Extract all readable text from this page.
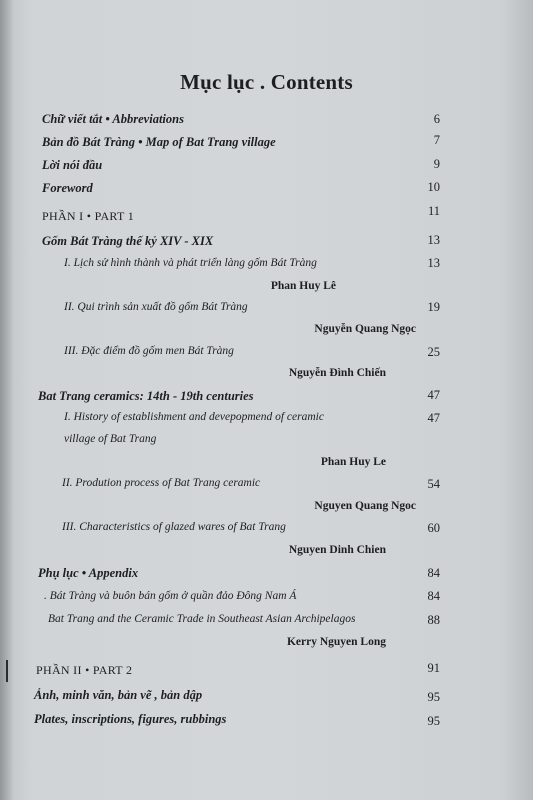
Mục lục . Contents
Chữ viết tắt • Abbreviations	6
Bản đồ Bát Tràng • Map of Bat Trang village	7
Lời nói đầu	9
Foreword	10
PHẦN I • PART 1	11
Gốm Bát Tràng thế kỷ XIV - XIX	13
I. Lịch sử hình thành và phát triển làng gốm Bát Tràng	13
Phan Huy Lê
II. Qui trình sản xuất đồ gốm Bát Tràng	19
Nguyễn Quang Ngọc
III. Đặc điểm đồ gốm men Bát Tràng	25
Nguyễn Đình Chiến
Bat Trang ceramics: 14th - 19th centuries	47
I. History of establishment and devepopmend of ceramic	47
village of Bat Trang
Phan Huy Le
II. Prodution process of Bat Trang ceramic	54
Nguyen Quang Ngoc
III. Characteristics of glazed wares of Bat Trang	60
Nguyen Dinh Chien
Phụ lục • Appendix	84
. Bát Tràng và buôn bán gốm ở quần đảo Đông Nam Á	84
Bat Trang and the Ceramic Trade in Southeast Asian Archipelagos	88
Kerry Nguyen Long
PHẦN II • PART 2	91
Ảnh, minh văn, bản vẽ , bản dập	95
Plates, inscriptions, figures, rubbings	95
